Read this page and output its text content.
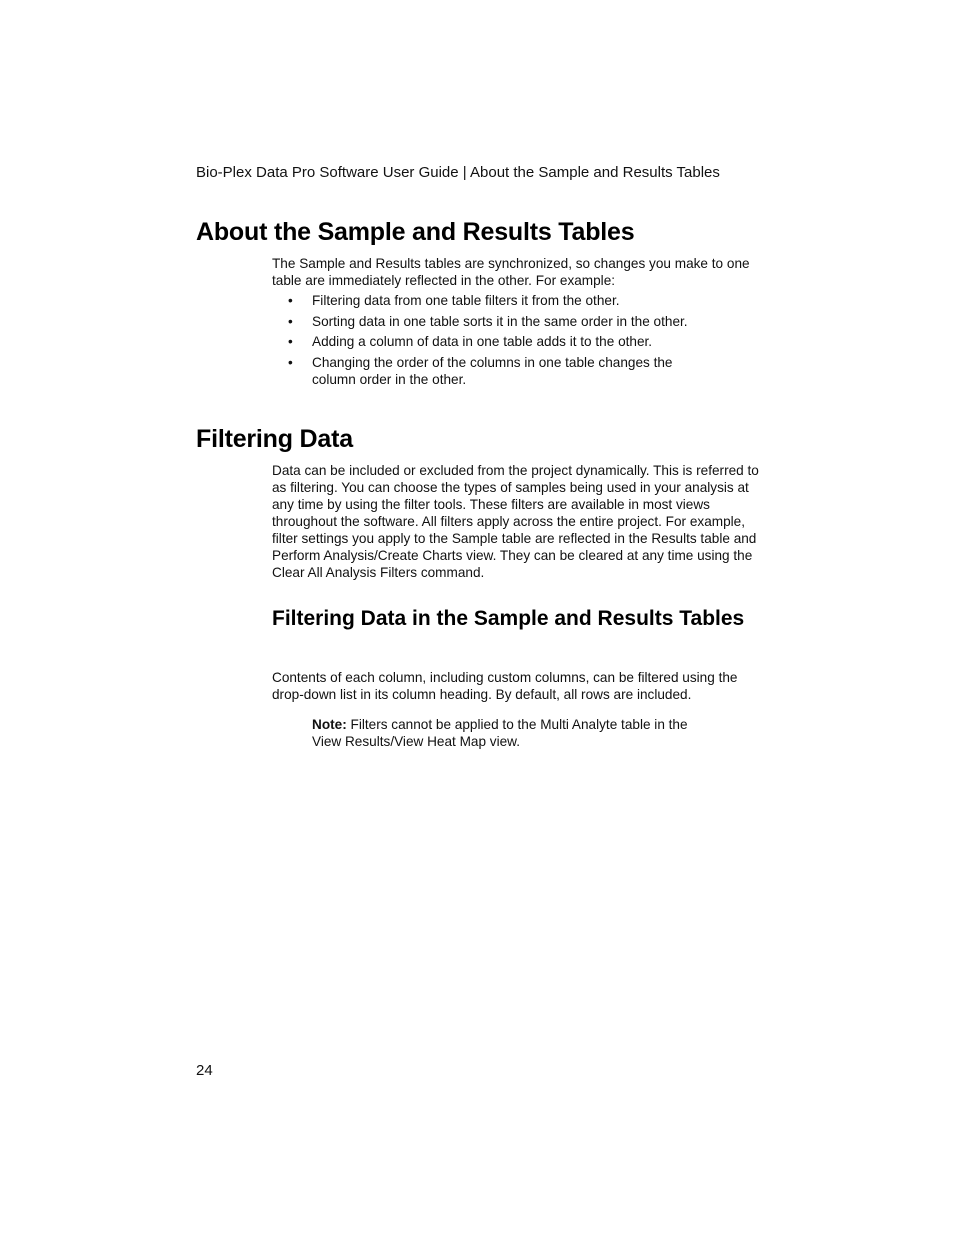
Bio-Plex Data Pro Software User Guide | About the Sample and Results Tables
About the Sample and Results Tables

The Sample and Results tables are synchronized, so changes you make to one table are immediately reflected in the other. For example:

• Filtering data from one table filters it from the other.
• Sorting data in one table sorts it in the same order in the other.
• Adding a column of data in one table adds it to the other.
• Changing the order of the columns in one table changes the column order in the other.
Filtering Data

Data can be included or excluded from the project dynamically. This is referred to as filtering. You can choose the types of samples being used in your analysis at any time by using the filter tools. These filters are available in most views throughout the software. All filters apply across the entire project. For example, filter settings you apply to the Sample table are reflected in the Results table and Perform Analysis/Create Charts view. They can be cleared at any time using the Clear All Analysis Filters command.

Filtering Data in the Sample and Results Tables

Contents of each column, including custom columns, can be filtered using the drop-down list in its column heading. By default, all rows are included.

Note: Filters cannot be applied to the Multi Analyte table in the View Results/View Heat Map view.

24
